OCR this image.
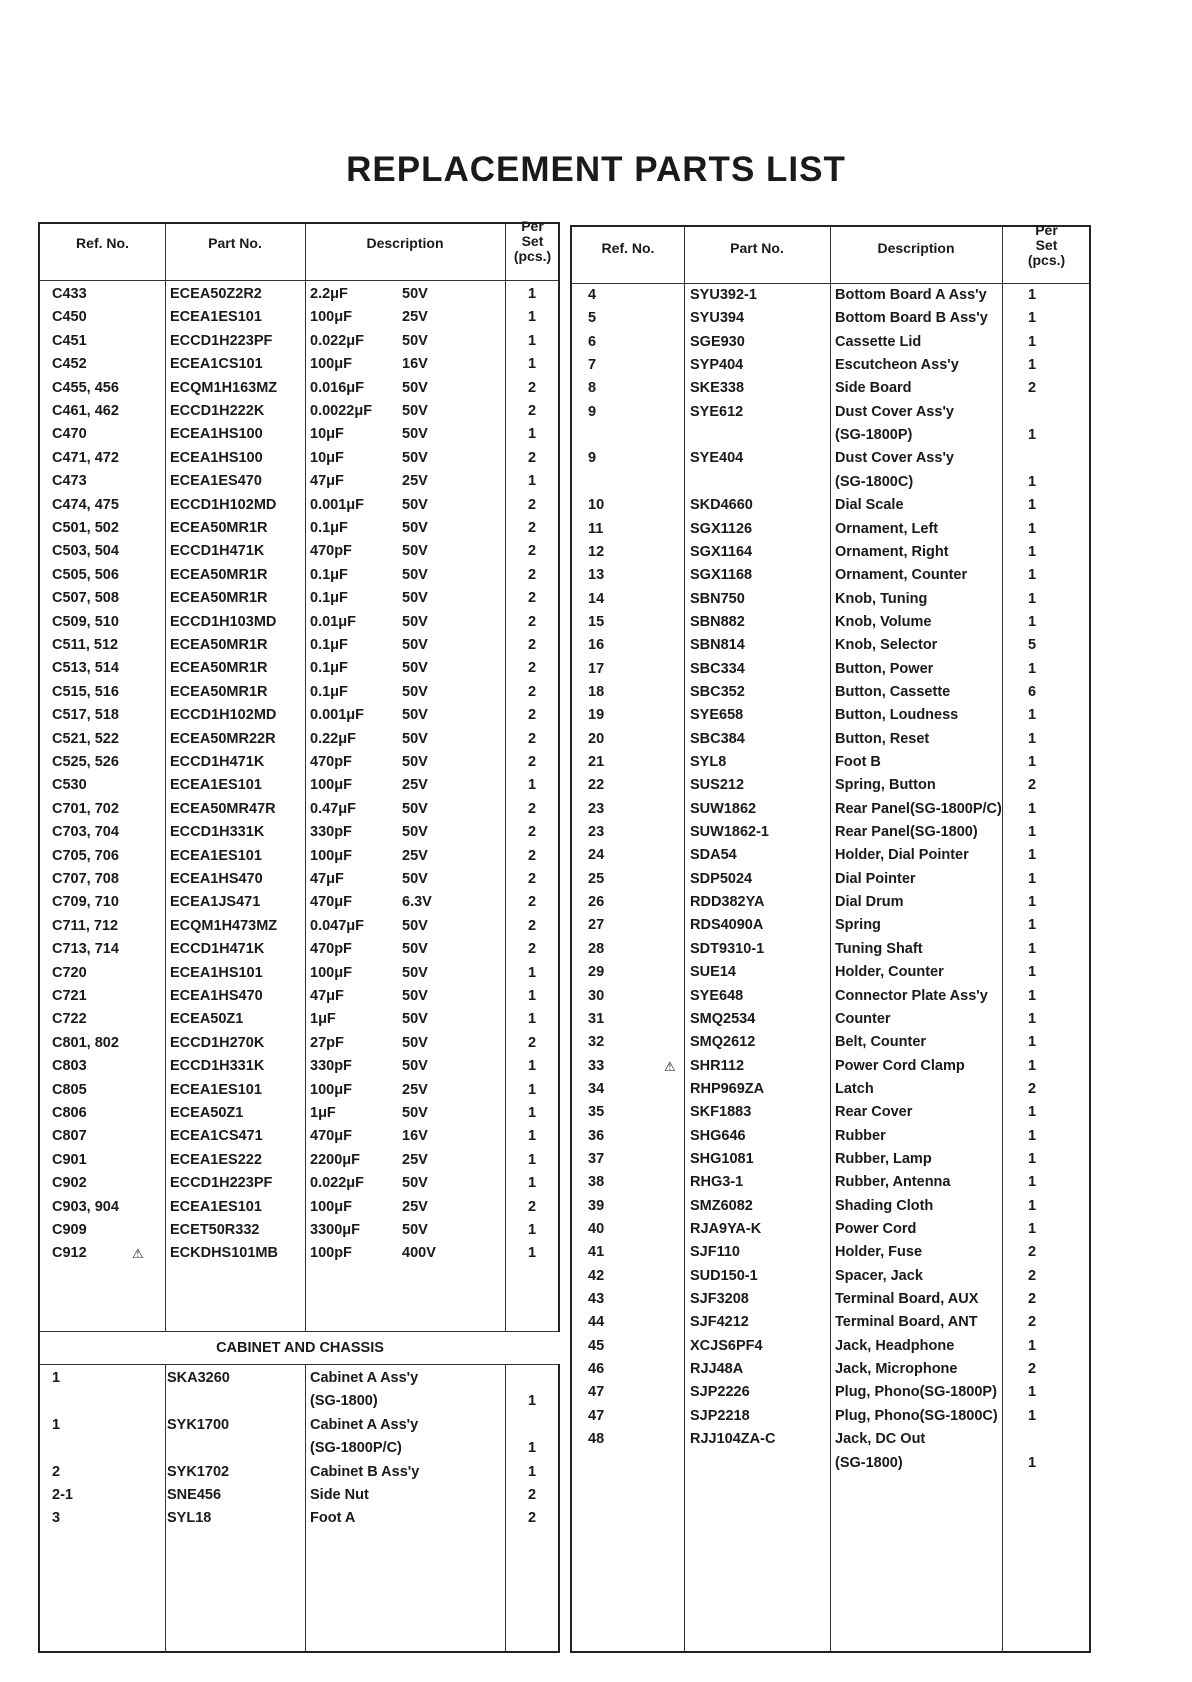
REPLACEMENT PARTS LIST
Ref. No.	Part No.	Description
Per
Set
(pcs.)
C433	ECEA50Z2R2	2.2μF	50V	1
C450	ECEA1ES101	100μF	25V	1
C451	ECCD1H223PF	0.022μF	50V	1
C452	ECEA1CS101	100μF	16V	1
C455, 456	ECQM1H163MZ 0.016μF	50V	2
C461, 462	ECCD1H222K	0.0022μF 50V	2
C470	ECEA1HS100	10μF	50V	1
C471, 472	ECEA1HS100	10μF	50V	2
C473	ECEA1ES470	47μF	25V	1
C474, 475	ECCD1H102MD 0.001μF	50V	2
C501, 502	ECEA50MR1R	0.1μF	50V	2
C503, 504	ECCD1H471K	470pF	50V	2
C505, 506	ECEA50MR1R	0.1μF	50V	2
C507, 508	ECEA50MR1R	0.1μF	50V	2
C509, 510	ECCD1H103MD 0.01μF	50V	2
C511, 512	ECEA50MR1R	0.1μF	50V	2
C513, 514	ECEA50MR1R	0.1μF	50V	2
C515, 516	ECEA50MR1R	0.1μF	50V	2
C517, 518	ECCD1H102MD 0.001μF	50V	2
C521, 522	ECEA50MR22R 0.22μF	50V	2
C525, 526	ECCD1H471K	470pF	50V	2
C530	ECEA1ES101	100μF	25V	1
C701, 702	ECEA50MR47R 0.47μF	50V	2
C703, 704	ECCD1H331K	330pF	50V	2
C705, 706	ECEA1ES101	100μF	25V	2
C707, 708	ECEA1HS470	47μF	50V	2
C709, 710	ECEA1JS471	470μF	6.3V	2
C711, 712	ECQM1H473MZ 0.047μF	50V	2
C713, 714	ECCD1H471K	470pF	50V	2
C720	ECEA1HS101	100μF	50V	1
C721	ECEA1HS470	47μF	50V	1
C722	ECEA50Z1	1μF	50V	1
C801, 802	ECCD1H270K	27pF	50V	2
C803	ECCD1H331K	330pF	50V	1
C805	ECEA1ES101	100μF	25V	1
C806	ECEA50Z1	1μF	50V	1
C807	ECEA1CS471	470μF	16V	1
C901	ECEA1ES222	2200μF	25V	1
C902	ECCD1H223PF	0.022μF	50V	1
C903, 904	ECEA1ES101	100μF	25V	2
C909	ECET50R332	3300μF	50V	1
C912	⚠ ECKDHS101MB 100pF	400V	1
CABINET AND CHASSIS
1	SKA3260	Cabinet A Ass'y
(SG-1800)	1
1	SYK1700	Cabinet A Ass'y
(SG-1800P/C)	1
2	SYK1702	Cabinet B Ass'y	1
2-1	SNE456	Side Nut	2
3	SYL18	Foot A	2
Ref. No.	Part No.	Description
Per
Set
(pcs.)
4	SYU392-1	Bottom Board A Ass'y	1
5	SYU394	Bottom Board B Ass'y	1
6	SGE930	Cassette Lid	1
7	SYP404	Escutcheon Ass'y	1
8	SKE338	Side Board	2
9	SYE612	Dust Cover Ass'y
(SG-1800P)	1
9	SYE404	Dust Cover Ass'y
(SG-1800C)	1
10	SKD4660	Dial Scale	1
11	SGX1126	Ornament, Left	1
12	SGX1164	Ornament, Right	1
13	SGX1168	Ornament, Counter	1
14	SBN750	Knob, Tuning	1
15	SBN882	Knob, Volume	1
16	SBN814	Knob, Selector	5
17	SBC334	Button, Power	1
18	SBC352	Button, Cassette	6
19	SYE658	Button, Loudness	1
20	SBC384	Button, Reset	1
21	SYL8	Foot B	1
22	SUS212	Spring, Button	2
23	SUW1862	Rear Panel(SG-1800P/C) 1
23	SUW1862-1	Rear Panel(SG-1800)	1
24	SDA54	Holder, Dial Pointer	1
25	SDP5024	Dial Pointer	1
26	RDD382YA	Dial Drum	1
27	RDS4090A	Spring	1
28	SDT9310-1	Tuning Shaft	1
29	SUE14	Holder, Counter	1
30	SYE648	Connector Plate Ass'y	1
31	SMQ2534	Counter	1
32	SMQ2612	Belt, Counter	1
33	⚠ SHR112	Power Cord Clamp	1
34	RHP969ZA	Latch	2
35	SKF1883	Rear Cover	1
36	SHG646	Rubber	1
37	SHG1081	Rubber, Lamp	1
38	RHG3-1	Rubber, Antenna	1
39	SMZ6082	Shading Cloth	1
40	RJA9YA-K	Power Cord	1
41	SJF110	Holder, Fuse	2
42	SUD150-1	Spacer, Jack	2
43	SJF3208	Terminal Board, AUX	2
44	SJF4212	Terminal Board, ANT	2
45	XCJS6PF4	Jack, Headphone	1
46	RJJ48A	Jack, Microphone	2
47	SJP2226	Plug, Phono(SG-1800P) 1
47	SJP2218	Plug, Phono(SG-1800C) 1
48	RJJ104ZA-C	Jack, DC Out
(SG-1800)	1
